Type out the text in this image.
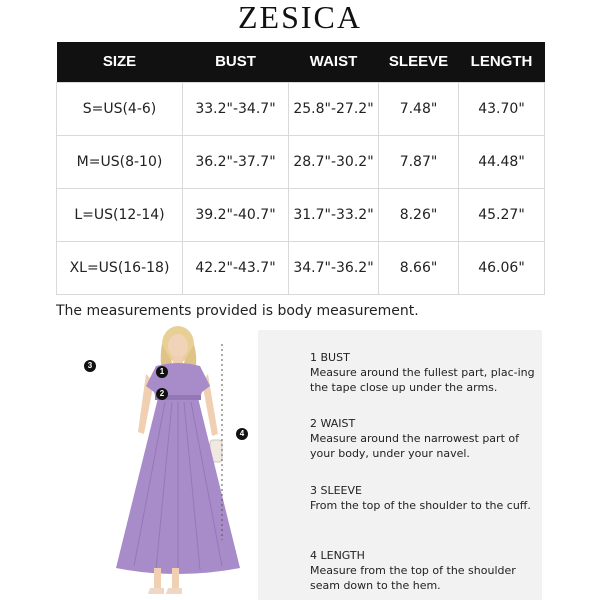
ZESICA
SIZE	BUST	WAIST	SLEEVE	LENGTH
S=US(4-6)	33.2"-34.7"	25.8"-27.2"	7.48"	43.70"
M=US(8-10)	36.2"-37.7"	28.7"-30.2"	7.87"	44.48"
L=US(12-14)	39.2"-40.7"	31.7"-33.2"	8.26"	45.27"
XL=US(16-18)	42.2"-43.7"	34.7"-36.2"	8.66"	46.06"
The measurements provided is body measurement.
3
1
2
4
1 BUST
Measure around the fullest part, plac-ing the tape close up under the arms.
2 WAIST
Measure around the narrowest part of your body, under your navel.
3 SLEEVE
From the top of the shoulder to the cuff.
4 LENGTH
Measure from the top of the shoulder seam down to the hem.
